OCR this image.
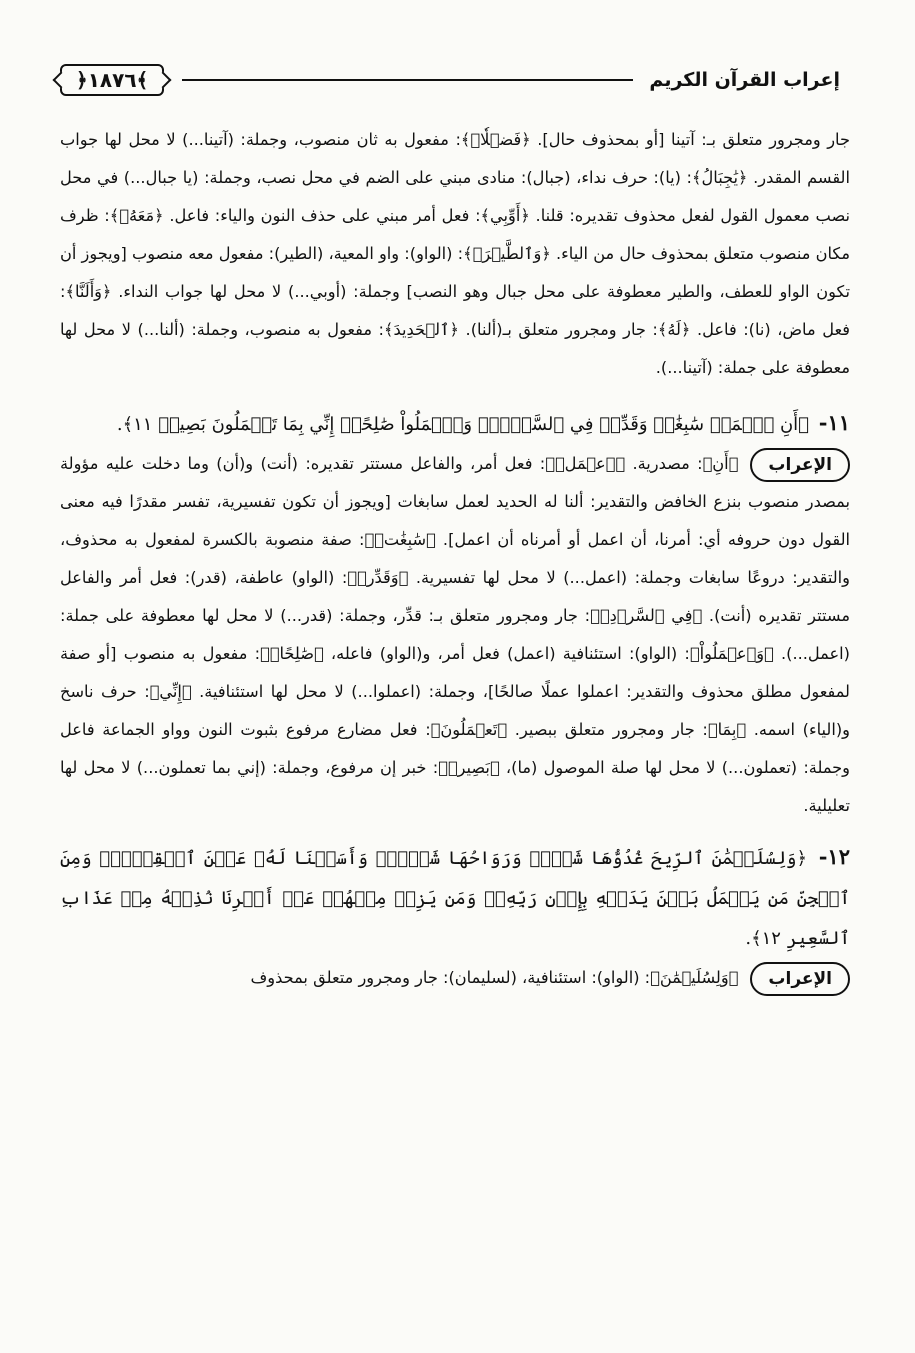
إعراب القرآن الكريم
﴾١٨٧٦﴿

جار ومجرور متعلق بـ: آتينا [أو بمحذوف حال]. ﴿فَضۡلٗاۖ﴾: مفعول به ثان منصوب، وجملة: (آتينا...) لا محل لها جواب القسم المقدر. ﴿يَٰجِبَالُ﴾: (يا): حرف نداء، (جبال): منادى مبني على الضم في محل نصب، وجملة: (يا جبال...) في محل نصب معمول القول لفعل محذوف تقديره: قلنا. ﴿أَوِّبِي﴾: فعل أمر مبني على حذف النون والياء: فاعل. ﴿مَعَهُۥ﴾: ظرف مكان منصوب متعلق بمحذوف حال من الياء. ﴿وَٱلطَّيۡرَۖ﴾: (الواو): واو المعية، (الطير): مفعول معه منصوب [ويجوز أن تكون الواو للعطف، والطير معطوفة على محل جبال وهو النصب] وجملة: (أوبي...) لا محل لها جواب النداء. ﴿وَأَلَنَّا﴾: فعل ماض، (نا): فاعل. ﴿لَهُ﴾: جار ومجرور متعلق بـ(ألنا). ﴿ٱلۡحَدِيدَ﴾: مفعول به منصوب، وجملة: (ألنا...) لا محل لها معطوفة على جملة: (آتينا...).

١١- ﴿أَنِ ٱعۡمَلۡ سَٰبِغَٰتٖ وَقَدِّرۡ فِي ٱلسَّرۡدِۖ وَٱعۡمَلُواْ صَٰلِحًاۖ إِنِّي بِمَا تَعۡمَلُونَ بَصِيرٞ ١١﴾.

الإعراب

﴿أَنِ﴾: مصدرية. ﴿ٱعۡمَلۡ﴾: فعل أمر، والفاعل مستتر تقديره: (أنت) و(أن) وما دخلت عليه مؤولة بمصدر منصوب بنزع الخافض والتقدير: ألنا له الحديد لعمل سابغات [ويجوز أن تكون تفسيرية، تفسر مقدرًا فيه معنى القول دون حروفه أي: أمرنا، أن اعمل أو أمرناه أن اعمل]. ﴿سَٰبِغَٰتٖ﴾: صفة منصوبة بالكسرة لمفعول به محذوف، والتقدير: دروعًا سابغات وجملة: (اعمل...) لا محل لها تفسيرية. ﴿وَقَدِّرۡ﴾: (الواو) عاطفة، (قدر): فعل أمر والفاعل مستتر تقديره (أنت). ﴿فِي ٱلسَّرۡدِۖ﴾: جار ومجرور متعلق بـ: قدِّر، وجملة: (قدر...) لا محل لها معطوفة على جملة: (اعمل...). ﴿وَٱعۡمَلُواْ﴾: (الواو): استئنافية (اعمل) فعل أمر، و(الواو) فاعله، ﴿صَٰلِحًاۖ﴾: مفعول به منصوب [أو صفة لمفعول مطلق محذوف والتقدير: اعملوا عملًا صالحًا]، وجملة: (اعملوا...) لا محل لها استئنافية. ﴿إِنِّي﴾: حرف ناسخ و(الياء) اسمه. ﴿بِمَا﴾: جار ومجرور متعلق ببصير. ﴿تَعۡمَلُونَ﴾: فعل مضارع مرفوع بثبوت النون وواو الجماعة فاعل وجملة: (تعملون...) لا محل لها صلة الموصول (ما)، ﴿بَصِيرٞ﴾: خبر إن مرفوع، وجملة: (إني بما تعملون...) لا محل لها تعليلية.

١٢- ﴿وَلِسُلَيۡمَٰنَ ٱلرِّيحَ غُدُوُّهَا شَهۡرٞ وَرَوَاحُهَا شَهۡرٞۖ وَأَسَلۡنَا لَهُۥ عَيۡنَ ٱلۡقِطۡرِۖ وَمِنَ ٱلۡجِنِّ مَن يَعۡمَلُ بَيۡنَ يَدَيۡهِ بِإِذۡنِ رَبِّهِۦۖ وَمَن يَزِغۡ مِنۡهُمۡ عَنۡ أَمۡرِنَا نُذِقۡهُ مِنۡ عَذَابِ ٱلسَّعِيرِ ١٢﴾.

الإعراب

﴿وَلِسُلَيۡمَٰنَ﴾: (الواو): استئنافية، (لسليمان): جار ومجرور متعلق بمحذوف
